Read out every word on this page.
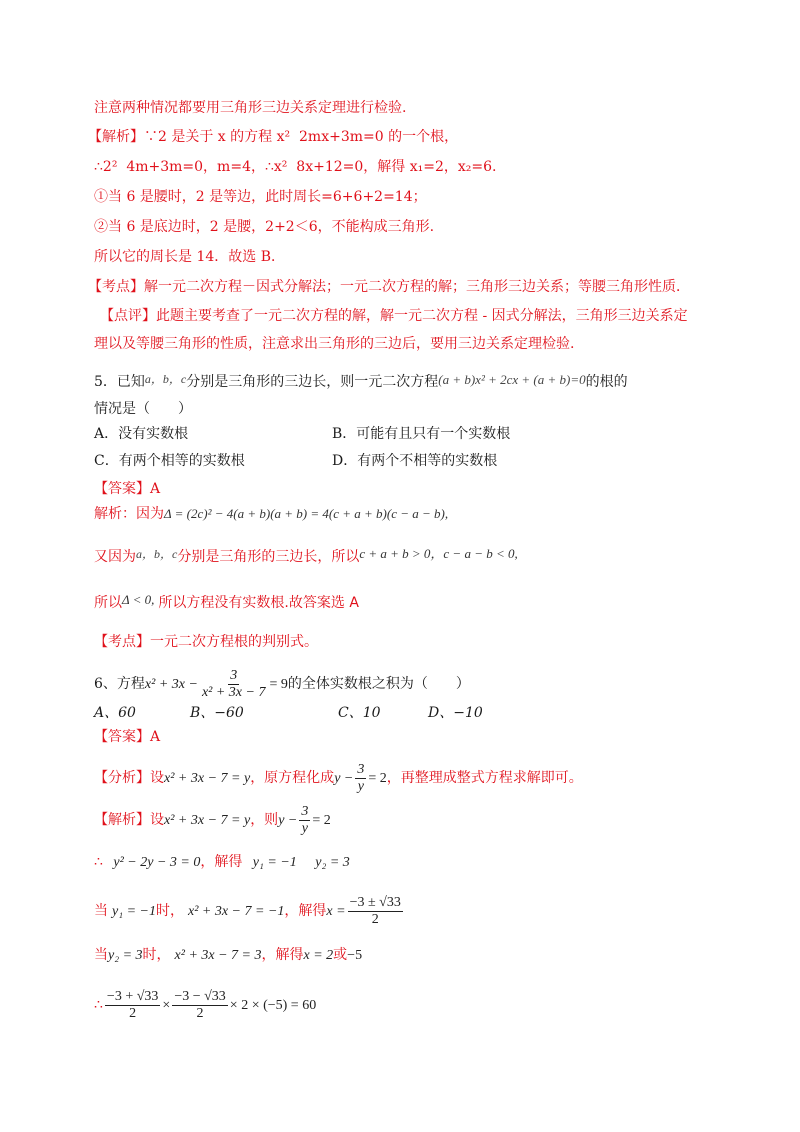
注意两种情况都要用三角形三边关系定理进行检验.
【解析】∵2 是关于 x 的方程 x² 2mx+3m=0 的一个根，
∴2² 4m+3m=0，m=4，∴x² 8x+12=0，解得 x₁=2，x₂=6.
①当 6 是腰时，2 是等边，此时周长=6+6+2=14；
②当 6 是底边时，2 是腰，2+2＜6，不能构成三角形.
所以它的周长是 14．故选 B．
【考点】解一元二次方程－因式分解法；一元二次方程的解；三角形三边关系；等腰三角形性质．
【点评】此题主要考查了一元二次方程的解，解一元二次方程 - 因式分解法，三角形三边关系定
理以及等腰三角形的性质，注意求出三角形的三边后，要用三边关系定理检验.
5．已知a，b，c分别是三角形的三边长，则一元二次方程(a + b)x² + 2cx + (a + b)=0的根的
情况是（　　）
A．没有实数根	B．可能有且只有一个实数根
C．有两个相等的实数根	D．有两个不相等的实数根
【答案】A
解析：因为Δ = (2c)² − 4(a + b)(a + b) = 4(c + a + b)(c − a − b),
又因为a，b，c分别是三角形的三边长，所以c + a + b > 0，c − a − b < 0,
所以Δ < 0, 所以方程没有实数根.故答案选 A
【考点】一元二次方程根的判别式。
6、方程$x^2 + 3x - \frac{3}{\text{x² + 3x − 7}} = 9$的全体实数根之积为（　　）
A、60	B、−60	C、10	D、−10
【答案】A
【分析】设x² + 3x − 7 = y，原方程化成$y - \frac{3}{y} = 2$，再整理成整式方程求解即可。
【解析】设x² + 3x − 7 = y，则$y - \frac{3}{y} = 2$
∴ y² − 2y − 3 = 0，解得 y₁ = −1 y₂ = 3
当 y₁ = −1时， x² + 3x − 7 = −1，解得$x = \frac{-3 \pm √33}{2}$
当y₂ = 3时， x² + 3x − 7 = 3，解得x = 2或−5
∴ $\frac{-3 + √33}{2} \times \frac{-3 - √33}{2} \times 2 \times (-5) = 60$
